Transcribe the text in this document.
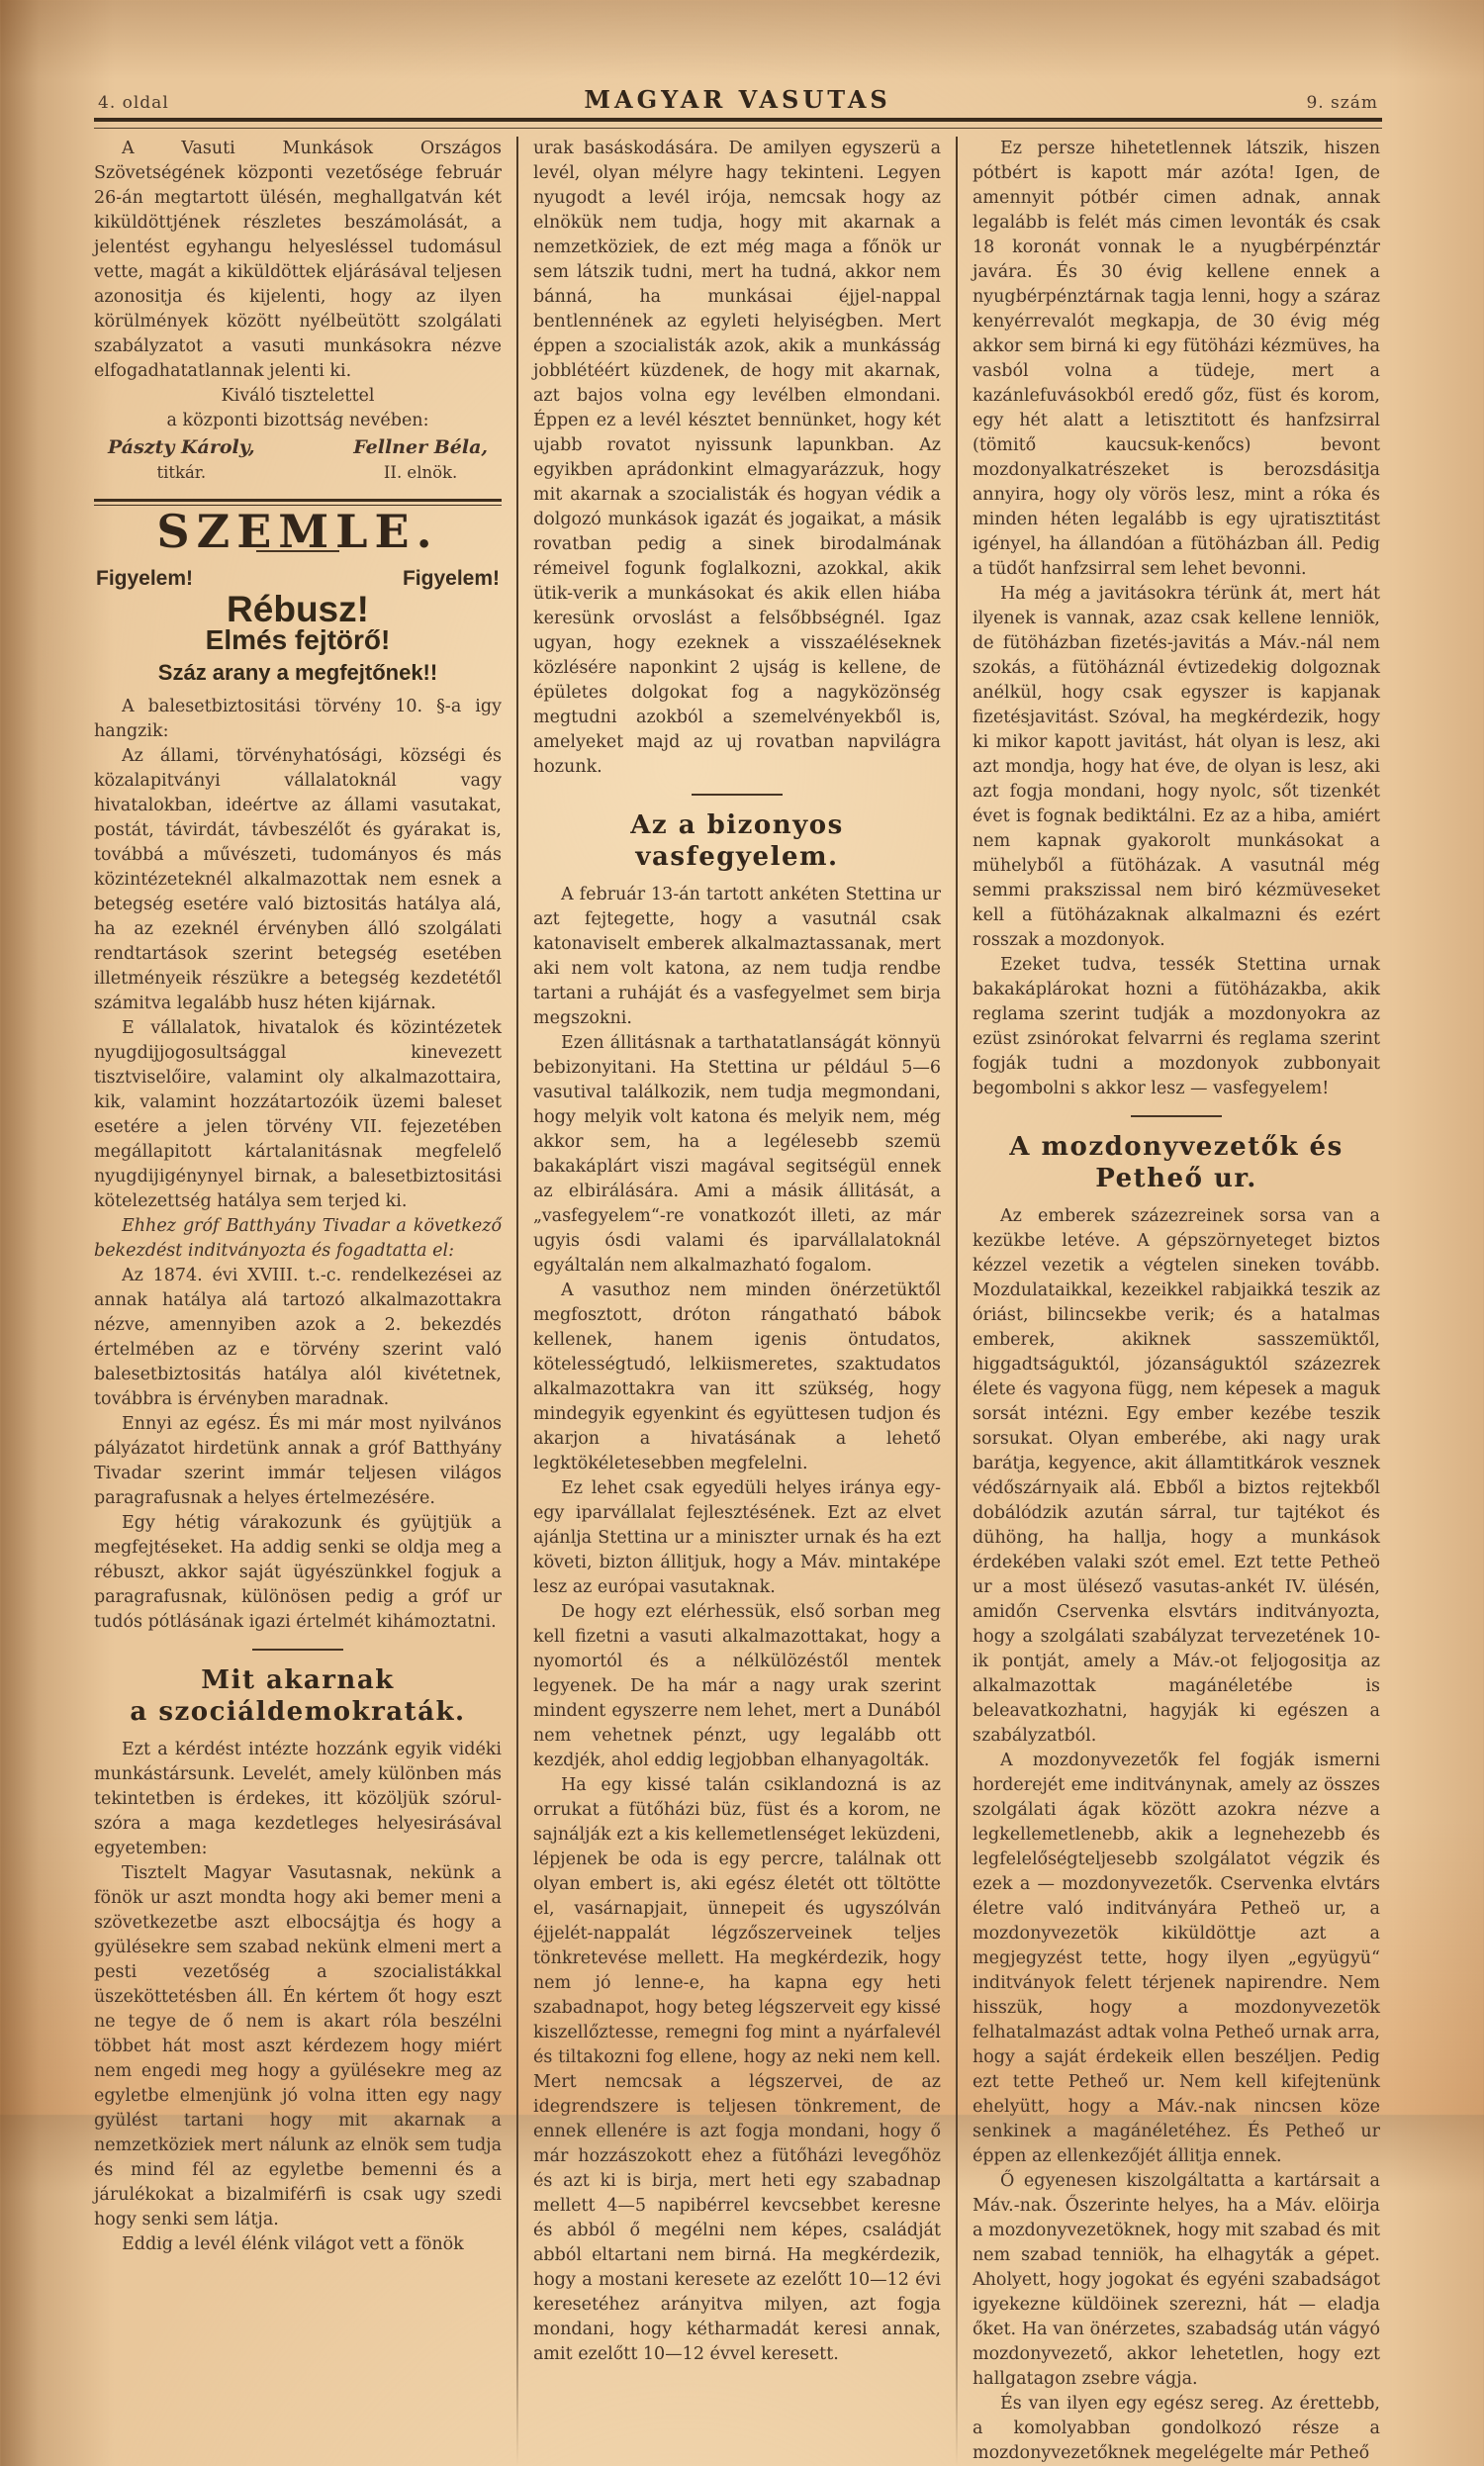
4. oldal	MAGYAR VASUTAS	9. szám

A Vasuti Munkások Országos Szövetségének központi vezetősége február 26-án megtartott ülésén, meghallgatván két kiküldöttjének részletes beszámolását, a jelentést egyhangu helyesléssel tudomásul vette, magát a kiküldöttek eljárásával teljesen azonositja és kijelenti, hogy az ilyen körülmények között nyélbeütött szolgálati szabályzatot a vasuti munkásokra nézve elfogadhatatlannak jelenti ki.

Kiváló tisztelettel

a központi bizottság nevében:

Pászty Károly,
titkár.
Fellner Béla,
II. elnök.
SZEMLE.
Figyelem!	Figyelem!
Rébusz!
Elmés fejtörő!
Száz arany a megfejtőnek!!

A balesetbiztositási törvény 10. §-a igy hangzik:

Az állami, törvényhatósági, községi és közalapitványi vállalatoknál vagy hivatalokban, ideértve az állami vasutakat, postát, távirdát, távbeszélőt és gyárakat is, továbbá a művészeti, tudományos és más közintézeteknél alkalmazottak nem esnek a betegség esetére való biztositás hatálya alá, ha az ezeknél érvényben álló szolgálati rendtartások szerint betegség esetében illetményeik részükre a betegség kezdetétől számitva legalább husz héten kijárnak.

E vállalatok, hivatalok és közintézetek nyugdijjogosultsággal kinevezett tisztviselőire, valamint oly alkalmazottaira, kik, valamint hozzátartozóik üzemi baleset esetére a jelen törvény VII. fejezetében megállapitott kártalanitásnak megfelelő nyugdijigénynyel birnak, a balesetbiztositási kötelezettség hatálya sem terjed ki.

Ehhez gróf Batthyány Tivadar a következő bekezdést inditványozta és fogadtatta el:

Az 1874. évi XVIII. t.-c. rendelkezései az annak hatálya alá tartozó alkalmazottakra nézve, amennyiben azok a 2. bekezdés értelmében az e törvény szerint való balesetbiztositás hatálya alól kivétetnek, továbbra is érvényben maradnak.

Ennyi az egész. És mi már most nyilvános pályázatot hirdetünk annak a gróf Batthyány Tivadar szerint immár teljesen világos paragrafusnak a helyes értelmezésére.

Egy hétig várakozunk és gyüjtjük a megfejtéseket. Ha addig senki se oldja meg a rébuszt, akkor saját ügyészünkkel fogjuk a paragrafusnak, különösen pedig a gróf ur tudós pótlásának igazi értelmét kihámoztatni.

Mit akarnak
a szociáldemokraták.

Ezt a kérdést intézte hozzánk egyik vidéki munkástársunk. Levelét, amely különben más tekintetben is érdekes, itt közöljük szórul-szóra a maga kezdetleges helyesirásával egyetemben:

Tisztelt Magyar Vasutasnak, nekünk a fönök ur aszt mondta hogy aki bemer meni a szövetkezetbe aszt elbocsájtja és hogy a gyülésekre sem szabad nekünk elmeni mert a pesti vezetőség a szocialistákkal üszeköttetésben áll. Én kértem őt hogy eszt ne tegye de ő nem is akart róla beszélni többet hát most aszt kérdezem hogy miért nem engedi meg hogy a gyülésekre meg az egyletbe elmenjünk jó volna itten egy nagy gyülést tartani hogy mit akarnak a nemzetköziek mert nálunk az elnök sem tudja és mind fél az egyletbe bemenni és a járulékokat a bizalmiférfi is csak ugy szedi hogy senki sem látja.

Eddig a levél élénk világot vett a fönök

urak basáskodására. De amilyen egyszerü a levél, olyan mélyre hagy tekinteni. Legyen nyugodt a levél irója, nemcsak hogy az elnökük nem tudja, hogy mit akarnak a nemzetköziek, de ezt még maga a főnök ur sem látszik tudni, mert ha tudná, akkor nem bánná, ha munkásai éjjel-nappal bentlennének az egyleti helyiségben. Mert éppen a szocialisták azok, akik a munkásság jobblétéért küzdenek, de hogy mit akarnak, azt bajos volna egy levélben elmondani. Éppen ez a levél késztet bennünket, hogy két ujabb rovatot nyissunk lapunkban. Az egyikben aprádonkint elmagyarázzuk, hogy mit akarnak a szocialisták és hogyan védik a dolgozó munkások igazát és jogaikat, a másik rovatban pedig a sinek birodalmának rémeivel fogunk foglalkozni, azokkal, akik ütik-verik a munkásokat és akik ellen hiába keresünk orvoslást a felsőbbségnél. Igaz ugyan, hogy ezeknek a visszaéléseknek közlésére naponkint 2 ujság is kellene, de épületes dolgokat fog a nagyközönség megtudni azokból a szemelvényekből is, amelyeket majd az uj rovatban napvilágra hozunk.

Az a bizonyos vasfegyelem.

A február 13-án tartott ankéten Stettina ur azt fejtegette, hogy a vasutnál csak katonaviselt emberek alkalmaztassanak, mert aki nem volt katona, az nem tudja rendbe tartani a ruháját és a vasfegyelmet sem birja megszokni.

Ezen állitásnak a tarthatatlanságát könnyü bebizonyitani. Ha Stettina ur például 5—6 vasutival találkozik, nem tudja megmondani, hogy melyik volt katona és melyik nem, még akkor sem, ha a legélesebb szemü bakakáplárt viszi magával segitségül ennek az elbirálására. Ami a másik állitását, a „vasfegyelem“-re vonatkozót illeti, az már ugyis ósdi valami és iparvállalatoknál egyáltalán nem alkalmazható fogalom.

A vasuthoz nem minden önérzetüktől megfosztott, dróton rángatható bábok kellenek, hanem igenis öntudatos, kötelességtudó, lelkiismeretes, szaktudatos alkalmazottakra van itt szükség, hogy mindegyik egyenkint és együttesen tudjon és akarjon a hivatásának a lehető legktökéletesebben megfelelni.

Ez lehet csak egyedüli helyes iránya egy-egy iparvállalat fejlesztésének. Ezt az elvet ajánlja Stettina ur a miniszter urnak és ha ezt követi, bizton állitjuk, hogy a Máv. mintaképe lesz az európai vasutaknak.

De hogy ezt elérhessük, első sorban meg kell fizetni a vasuti alkalmazottakat, hogy a nyomortól és a nélkülözéstől mentek legyenek. De ha már a nagy urak szerint mindent egyszerre nem lehet, mert a Dunából nem vehetnek pénzt, ugy legalább ott kezdjék, ahol eddig legjobban elhanyagolták.

Ha egy kissé talán csiklandozná is az orrukat a fütőházi büz, füst és a korom, ne sajnálják ezt a kis kellemetlenséget leküzdeni, lépjenek be oda is egy percre, találnak ott olyan embert is, aki egész életét ott töltötte el, vasárnapjait, ünnepeit és ugyszólván éjjelét-nappalát légzőszerveinek teljes tönkretevése mellett. Ha megkérdezik, hogy nem jó lenne-e, ha kapna egy heti szabadnapot, hogy beteg légszerveit egy kissé kiszellőztesse, remegni fog mint a nyárfalevél és tiltakozni fog ellene, hogy az neki nem kell. Mert nemcsak a légszervei, de az idegrendszere is teljesen tönkrement, de ennek ellenére is azt fogja mondani, hogy ő már hozzászokott ehez a fütőházi levegőhöz és azt ki is birja, mert heti egy szabadnap mellett 4—5 napibérrel kevcsebbet keresne és abból ő megélni nem képes, családját abból eltartani nem birná. Ha megkérdezik, hogy a mostani keresete az ezelőtt 10—12 évi keresetéhez arányitva milyen, azt fogja mondani, hogy kétharmadát keresi annak, amit ezelőtt 10—12 évvel keresett.

Ez persze hihetetlennek látszik, hiszen pótbért is kapott már azóta! Igen, de amennyit pótbér cimen adnak, annak legalább is felét más cimen levonták és csak 18 koronát vonnak le a nyugbérpénztár javára. És 30 évig kellene ennek a nyugbérpénztárnak tagja lenni, hogy a száraz kenyérrevalót megkapja, de 30 évig még akkor sem birná ki egy fütöházi kézmüves, ha vasból volna a tüdeje, mert a kazánlefuvásokból eredő gőz, füst és korom, egy hét alatt a letisztitott és hanfzsirral (tömitő kaucsuk-kenőcs) bevont mozdonyalkatrészeket is berozsdásitja annyira, hogy oly vörös lesz, mint a róka és minden héten legalább is egy ujratisztitást igényel, ha állandóan a fütöházban áll. Pedig a tüdőt hanfzsirral sem lehet bevonni.

Ha még a javitásokra térünk át, mert hát ilyenek is vannak, azaz csak kellene lenniök, de fütöházban fizetés-javitás a Máv.-nál nem szokás, a fütöháznál évtizedekig dolgoznak anélkül, hogy csak egyszer is kapjanak fizetésjavitást. Szóval, ha megkérdezik, hogy ki mikor kapott javitást, hát olyan is lesz, aki azt mondja, hogy hat éve, de olyan is lesz, aki azt fogja mondani, hogy nyolc, sőt tizenkét évet is fognak bediktálni. Ez az a hiba, amiért nem kapnak gyakorolt munkásokat a mühelyből a fütöházak. A vasutnál még semmi prakszissal nem biró kézmüveseket kell a fütöházaknak alkalmazni és ezért rosszak a mozdonyok.

Ezeket tudva, tessék Stettina urnak bakakáplárokat hozni a fütöházakba, akik reglama szerint tudják a mozdonyokra az ezüst zsinórokat felvarrni és reglama szerint fogják tudni a mozdonyok zubbonyait begombolni s akkor lesz — vasfegyelem!

A mozdonyvezetők és Petheő ur.

Az emberek százezreinek sorsa van a kezükbe letéve. A gépszörnyeteget biztos kézzel vezetik a végtelen sineken tovább. Mozdulataikkal, kezeikkel rabjaikká teszik az óriást, bilincsekbe verik; és a hatalmas emberek, akiknek sasszemüktől, higgadtságuktól, józanságuktól százezrek élete és vagyona függ, nem képesek a maguk sorsát intézni. Egy ember kezébe teszik sorsukat. Olyan emberébe, aki nagy urak barátja, kegyence, akit államtitkárok vesznek védőszárnyaik alá. Ebből a biztos rejtekből dobálódzik azután sárral, tur tajtékot és dühöng, ha hallja, hogy a munkások érdekében valaki szót emel. Ezt tette Petheö ur a most ülésező vasutas-ankét IV. ülésén, amidőn Cservenka elsvtárs inditványozta, hogy a szolgálati szabályzat tervezetének 10-ik pontját, amely a Máv.-ot feljogositja az alkalmazottak magánéletébe is beleavatkozhatni, hagyják ki egészen a szabályzatból.

A mozdonyvezetők fel fogják ismerni horderejét eme inditványnak, amely az összes szolgálati ágak között azokra nézve a legkellemetlenebb, akik a legnehezebb és legfelelőségteljesebb szolgálatot végzik és ezek a — mozdonyvezetők. Cservenka elvtárs életre való inditványára Petheö ur, a mozdonyvezetök kiküldöttje azt a megjegyzést tette, hogy ilyen „együgyü“ inditványok felett térjenek napirendre. Nem hisszük, hogy a mozdonyvezetök felhatalmazást adtak volna Petheő urnak arra, hogy a saját érdekeik ellen beszéljen. Pedig ezt tette Petheő ur. Nem kell kifejtenünk ehelyütt, hogy a Máv.-nak nincsen köze senkinek a magánéletéhez. És Petheő ur éppen az ellenkezőjét állitja ennek.

Ő egyenesen kiszolgáltatta a kartársait a Máv.-nak. Őszerinte helyes, ha a Máv. elöirja a mozdonyvezetöknek, hogy mit szabad és mit nem szabad tenniök, ha elhagyták a gépet. Aholyett, hogy jogokat és egyéni szabadságot igyekezne küldöinek szerezni, hát — eladja őket. Ha van önérzetes, szabadság után vágyó mozdonyvezető, akkor lehetetlen, hogy ezt hallgatagon zsebre vágja.

És van ilyen egy egész sereg. Az érettebb, a komolyabban gondolkozó része a mozdonyvezetőknek megelégelte már Petheő
